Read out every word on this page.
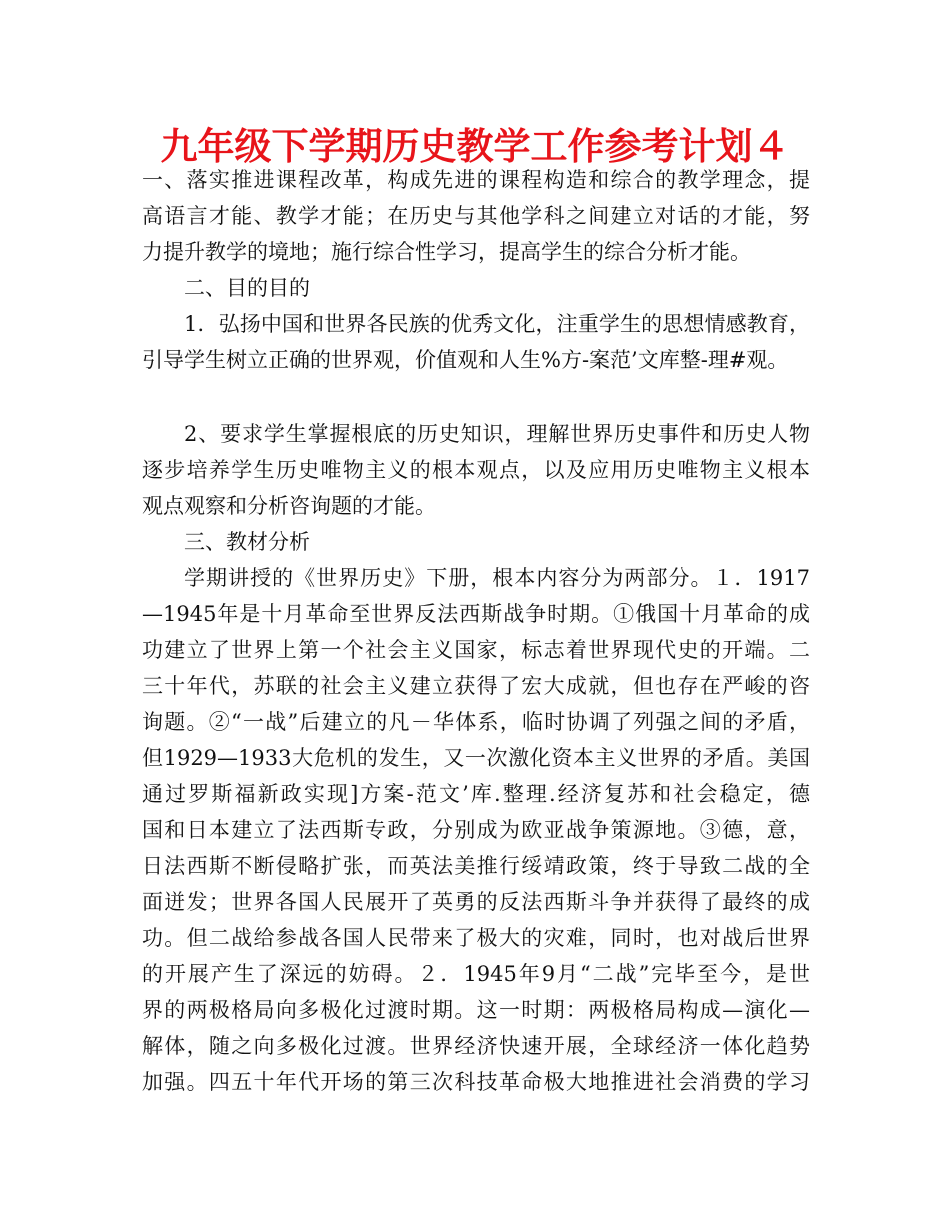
九年级下学期历史教学工作参考计划４
一、落实推进课程改革，构成先进的课程构造和综合的教学理念，提
高语言才能、教学才能；在历史与其他学科之间建立对话的才能，努
力提升教学的境地；施行综合性学习，提高学生的综合分析才能。
二、目的目的
1．弘扬中国和世界各民族的优秀文化，注重学生的思想情感教育，
引导学生树立正确的世界观，价值观和人生%方-案范’文库整-理#观。
2、要求学生掌握根底的历史知识，理解世界历史事件和历史人物
逐步培养学生历史唯物主义的根本观点，以及应用历史唯物主义根本
观点观察和分析咨询题的才能。
三、教材分析
学期讲授的《世界历史》下册，根本内容分为两部分。１．1917
—1945年是十月革命至世界反法西斯战争时期。①俄国十月革命的成
功建立了世界上第一个社会主义国家，标志着世界现代史的开端。二
三十年代，苏联的社会主义建立获得了宏大成就，但也存在严峻的咨
询题。②“一战”后建立的凡－华体系，临时协调了列强之间的矛盾，
但1929—1933大危机的发生，又一次激化资本主义世界的矛盾。美国
通过罗斯福新政实现]方案-范文’库.整理.经济复苏和社会稳定，德
国和日本建立了法西斯专政，分别成为欧亚战争策源地。③德，意，
日法西斯不断侵略扩张，而英法美推行绥靖政策，终于导致二战的全
面迸发；世界各国人民展开了英勇的反法西斯斗争并获得了最终的成
功。但二战给参战各国人民带来了极大的灾难，同时，也对战后世界
的开展产生了深远的妨碍。２．1945年9月“二战”完毕至今，是世
界的两极格局向多极化过渡时期。这一时期：两极格局构成—演化—
解体，随之向多极化过渡。世界经济快速开展，全球经济一体化趋势
加强。四五十年代开场的第三次科技革命极大地推进社会消费的学习
